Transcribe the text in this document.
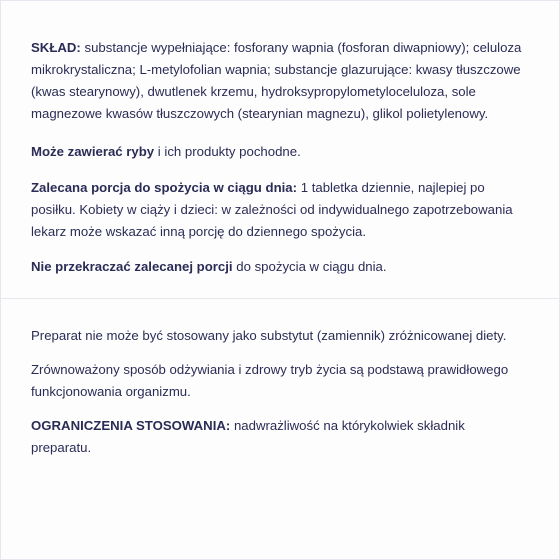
SKŁAD: substancje wypełniające: fosforany wapnia (fosforan diwapniowy); celuloza mikrokrystaliczna; L-metylofolian wapnia; substancje glazurujące: kwasy tłuszczowe (kwas stearynowy), dwutlenek krzemu, hydroksypropylometyloceluloza, sole magnezowe kwasów tłuszczowych (stearynian magnezu), glikol polietylenowy.

Może zawierać ryby i ich produkty pochodne.

Zalecana porcja do spożycia w ciągu dnia: 1 tabletka dziennie, najlepiej po posiłku. Kobiety w ciąży i dzieci: w zależności od indywidualnego zapotrzebowania lekarz może wskazać inną porcję do dziennego spożycia.

Nie przekraczać zalecanej porcji do spożycia w ciągu dnia.

Preparat nie może być stosowany jako substytut (zamiennik) zróżnicowanej diety.

Zrównoważony sposób odżywiania i zdrowy tryb życia są podstawą prawidłowego funkcjonowania organizmu.

OGRANICZENIA STOSOWANIA: nadwrażliwość na którykolwiek składnik preparatu.
